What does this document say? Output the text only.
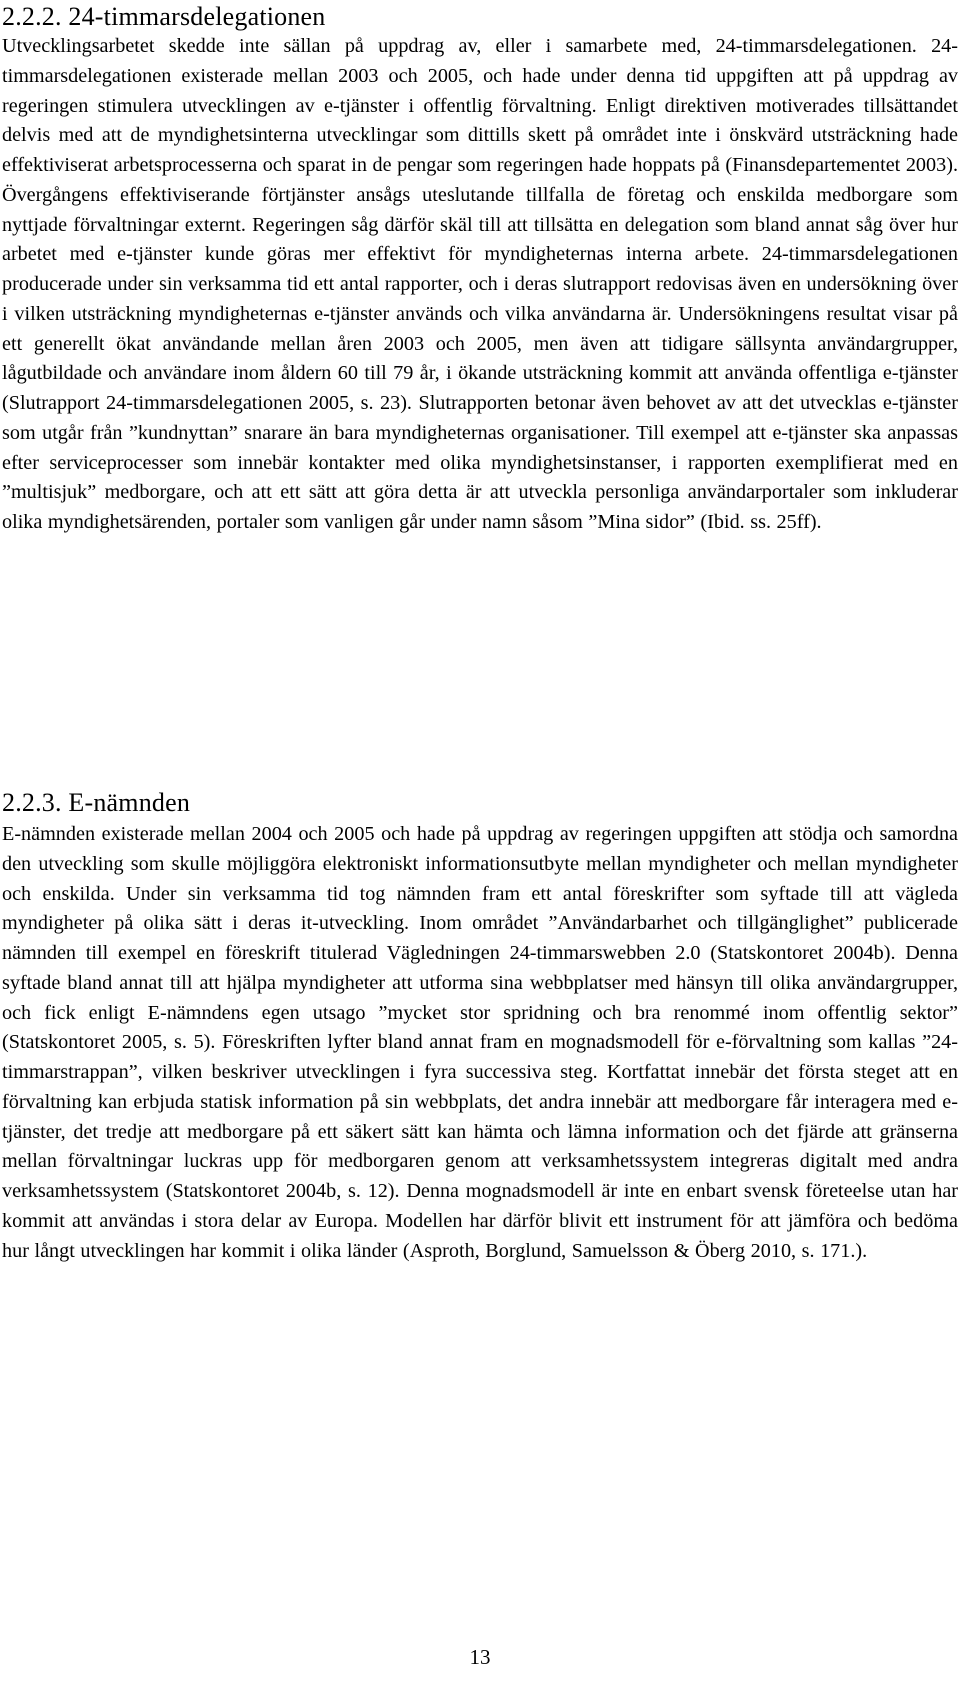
2.2.2. 24-timmarsdelegationen

Utvecklingsarbetet skedde inte sällan på uppdrag av, eller i samarbete med, 24-timmarsdelegationen. 24-timmarsdelegationen existerade mellan 2003 och 2005, och hade under denna tid uppgiften att på uppdrag av regeringen stimulera utvecklingen av e-tjänster i offentlig förvaltning. Enligt direktiven motiverades tillsättandet delvis med att de myndighetsinterna utvecklingar som dittills skett på området inte i önskvärd utsträckning hade effektiviserat arbetsprocesserna och sparat in de pengar som regeringen hade hoppats på (Finansdepartementet 2003). Övergångens effektiviserande förtjänster ansågs uteslutande tillfalla de företag och enskilda medborgare som nyttjade förvaltningar externt. Regeringen såg därför skäl till att tillsätta en delegation som bland annat såg över hur arbetet med e-tjänster kunde göras mer effektivt för myndigheternas interna arbete. 24-timmarsdelegationen producerade under sin verksamma tid ett antal rapporter, och i deras slutrapport redovisas även en undersökning över i vilken utsträckning myndigheternas e-tjänster används och vilka användarna är. Undersökningens resultat visar på ett generellt ökat användande mellan åren 2003 och 2005, men även att tidigare sällsynta användargrupper, lågutbildade och användare inom åldern 60 till 79 år, i ökande utsträckning kommit att använda offentliga e-tjänster (Slutrapport 24-timmarsdelegationen 2005, s. 23). Slutrapporten betonar även behovet av att det utvecklas e-tjänster som utgår från ”kundnyttan” snarare än bara myndigheternas organisationer. Till exempel att e-tjänster ska anpassas efter serviceprocesser som innebär kontakter med olika myndighetsinstanser, i rapporten exemplifierat med en ”multisjuk” medborgare, och att ett sätt att göra detta är att utveckla personliga användarportaler som inkluderar olika myndighetsärenden, portaler som vanligen går under namn såsom ”Mina sidor” (Ibid. ss. 25ff).

2.2.3. E-nämnden

E-nämnden existerade mellan 2004 och 2005 och hade på uppdrag av regeringen uppgiften att stödja och samordna den utveckling som skulle möjliggöra elektroniskt informationsutbyte mellan myndigheter och mellan myndigheter och enskilda. Under sin verksamma tid tog nämnden fram ett antal föreskrifter som syftade till att vägleda myndigheter på olika sätt i deras it-utveckling. Inom området ”Användarbarhet och tillgänglighet” publicerade nämnden till exempel en föreskrift titulerad Vägledningen 24-timmarswebben 2.0 (Statskontoret 2004b). Denna syftade bland annat till att hjälpa myndigheter att utforma sina webbplatser med hänsyn till olika användargrupper, och fick enligt E-nämndens egen utsago ”mycket stor spridning och bra renommé inom offentlig sektor” (Statskontoret 2005, s. 5). Föreskriften lyfter bland annat fram en mognadsmodell för e-förvaltning som kallas ”24-timmarstrappan”, vilken beskriver utvecklingen i fyra successiva steg. Kortfattat innebär det första steget att en förvaltning kan erbjuda statisk information på sin webbplats, det andra innebär att medborgare får interagera med e-tjänster, det tredje att medborgare på ett säkert sätt kan hämta och lämna information och det fjärde att gränserna mellan förvaltningar luckras upp för medborgaren genom att verksamhetssystem integreras digitalt med andra verksamhetssystem (Statskontoret 2004b, s. 12). Denna mognadsmodell är inte en enbart svensk företeelse utan har kommit att användas i stora delar av Europa. Modellen har därför blivit ett instrument för att jämföra och bedöma hur långt utvecklingen har kommit i olika länder (Asproth, Borglund, Samuelsson & Öberg 2010, s. 171.).

13
